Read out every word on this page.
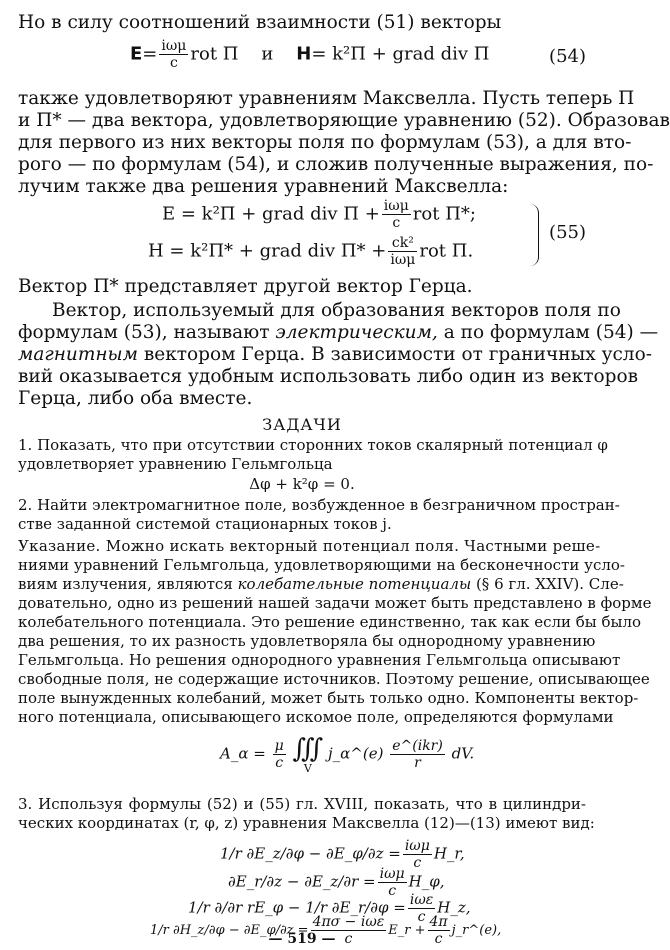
Но в силу соотношений взаимности (51) векторы
$E= \frac{\text{iωμ}}{c}$ rot Π и H= k²Π + grad div Π	(54)
также удовлетворяют уравнениям Максвелла. Пусть теперь Π
и Π* — два вектора, удовлетворяющие уравнению (52). Образовав
для первого из них векторы поля по формулам (53), а для вто-
рого — по формулам (54), и сложив полученные выражения, по-
лучим также два решения уравнений Максвелла:
E = k²Π + grad div $\Pi + \frac{\text{iωμ}}{c}$ rot Π*;
H = k²Π* + grad div $\Pi* + \frac{\text{ck²}}{\text{iωμ}}$ rot Π.
(55)
Вектор Π* представляет другой вектор Герца.
Вектор, используемый для образования векторов поля по
формулам (53), называют электрическим, а по формулам (54) —
магнитным вектором Герца. В зависимости от граничных усло-
вий оказывается удобным использовать либо один из векторов
Герца, либо оба вместе.
ЗАДАЧИ
1. Показать, что при отсутствии сторонних токов скалярный потенциал φ
удовлетворяет уравнению Гельмгольца
Δφ + k²φ = 0.
2. Найти электромагнитное поле, возбужденное в безграничном простран-
стве заданной системой стационарных токов j.
Указание. Можно искать векторный потенциал поля. Частными реше-
ниями уравнений Гельмгольца, удовлетворяющими на бесконечности усло-
виям излучения, являются колебательные потенциалы (§ 6 гл. XXIV). Сле-
довательно, одно из решений нашей задачи может быть представлено в форме
колебательного потенциала. Это решение единственно, так как если бы было
два решения, то их разность удовлетворяла бы однородному уравнению
Гельмгольца. Но решения однородного уравнения Гельмгольца описывают
свободные поля, не содержащие источников. Поэтому решение, описывающее
поле вынужденных колебаний, может быть только одно. Компоненты вектор-
ного потенциала, описывающего искомое поле, определяются формулами
A_α = $\frac{\mu}{c}$
∭
V
j_α^(e) $\frac{\text{e\textasciicircum{}(ikr)}}{r}$ dV.
3. Используя формулы (52) и (55) гл. XVIII, показать, что в цилиндри-
ческих координатах (r, φ, z) уравнения Максвелла (12)—(13) имеют вид:
1/r ∂E_z/∂φ − ∂E_φ/∂z = $\frac{\text{iωμ}}{c}$ H_r,
∂E_r/∂z − ∂E_z/∂r = $\frac{\text{iωμ}}{c}$ H_φ,
1/r ∂/∂r rE_φ − 1/r ∂E_r/∂φ = $\frac{\text{iωε}}{c}$ H_z,
1/r ∂H_z/∂φ − ∂E_φ/∂z = $\frac{\text{4πσ − iωε}}{c}$ E_r + $\frac{4\pi}{c}$ j_r^(e),
— 519 —
